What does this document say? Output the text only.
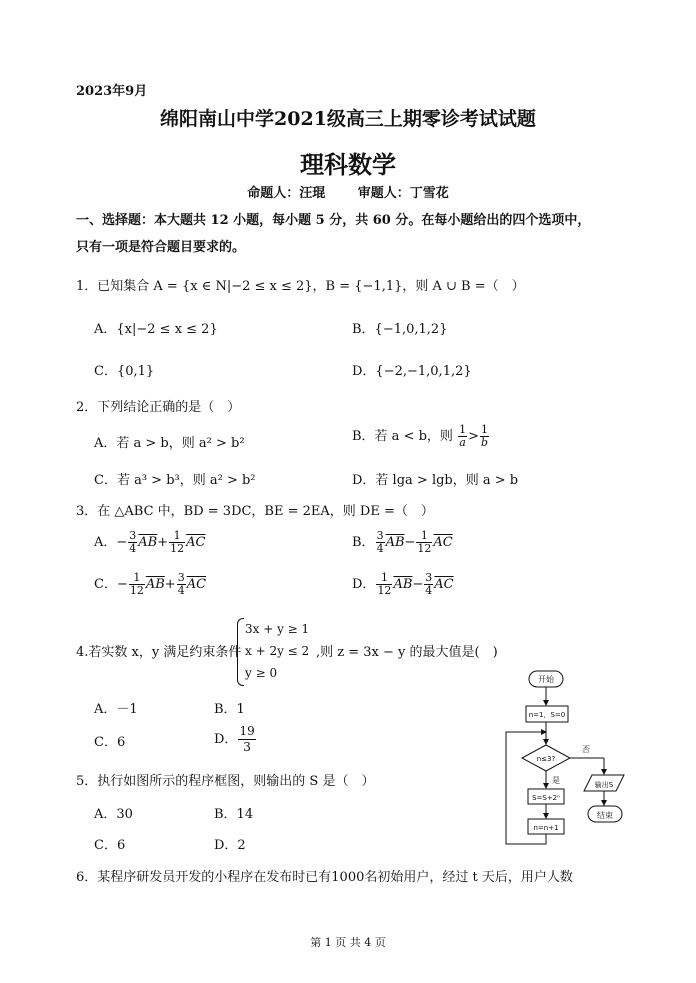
2023年9月
绵阳南山中学2021级高三上期零诊考试试题
理科数学
命题人：汪琨	审题人：丁雪花
一、选择题：本大题共 12 小题，每小题 5 分，共 60 分。在每小题给出的四个选项中，
只有一项是符合题目要求的。
1．已知集合 A = {x ∈ N|−2 ≤ x ≤ 2}，B = {−1,1}，则 A ∪ B =（　）
A．{x|−2 ≤ x ≤ 2}	B．{−1,0,1,2}
C．{0,1}	D．{−2,−1,0,1,2}
2．下列结论正确的是（　）
A．若 a > b，则 a² > b²	B．若 a < b，则 $\frac{1}{a} > \frac{1}{b}$
C．若 a³ > b³，则 a² > b²	D．若 lga > lgb，则 a > b
3．在 △ABC 中，BD = 3DC，BE = 2EA，则 DE =（　）
A．− $\frac{3}{4} \overline{AB}+ \frac{1}{12} \overline{AC}$	B． $\frac{3}{4} \overline{AB}- \frac{1}{12} \overline{AC}$
C．− $\frac{1}{12} \overline{AB}+ \frac{3}{4} \overline{AC}$	D． $\frac{1}{12} \overline{AB}- \frac{3}{4} \overline{AC}$
4.若实数 x，y 满足约束条件
3x + y ≥ 1
x + 2y ≤ 2
y ≥ 0
,则 z = 3x − y 的最大值是(　)
A．－1	B．1
C．6	D． $\frac{19}{3}$
5．执行如图所示的程序框图，则输出的 S 是（　）
A．30	B．14
C．6	D．2
6．某程序研发员开发的小程序在发布时已有1000名初始用户，经过 t 天后，用户人数
开始
n=1，S=0
n≤3?
否
是	输出S
结束
S=S+2ⁿ
n=n+1
第 1 页 共 4 页
